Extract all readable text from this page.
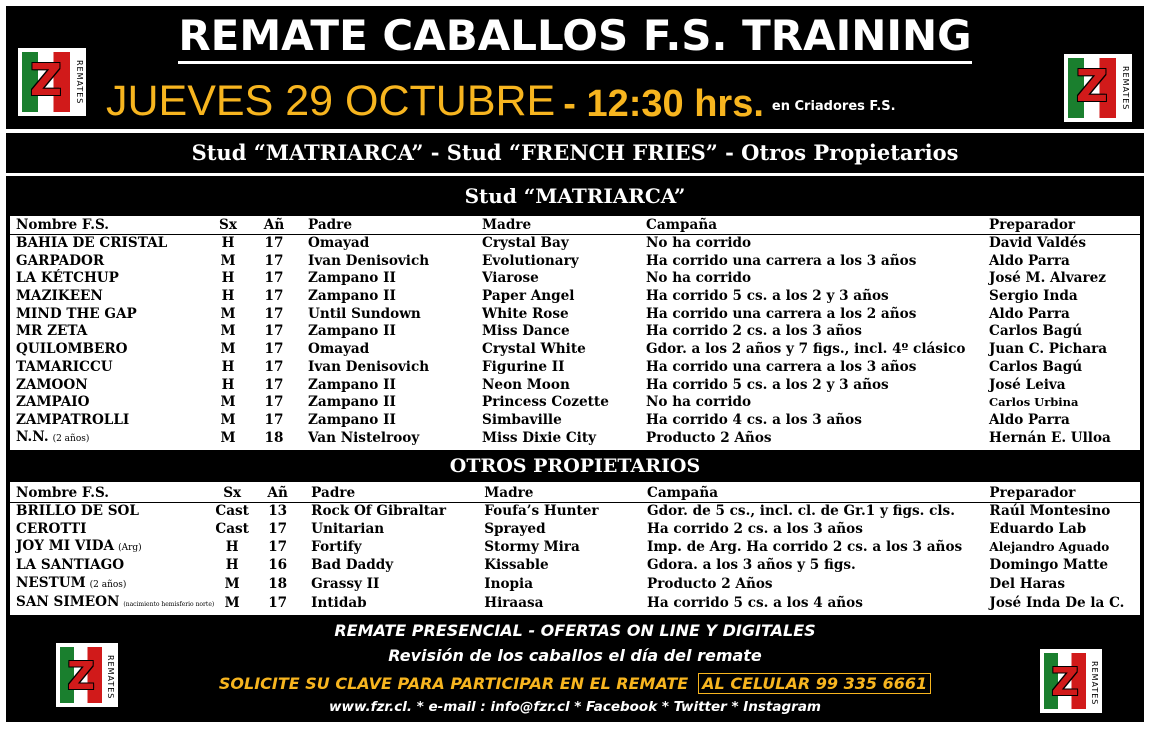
Z	REMATES	Z	REMATES
REMATE CABALLOS F.S. TRAINING
JUEVES 29 OCTUBRE - 12:30 hrs. en Criadores F.S.
Stud “MATRIARCA” - Stud “FRENCH FRIES” - Otros Propietarios
Stud “MATRIARCA”
Nombre F.S.	Sx	Añ	Padre	Madre	Campaña	Preparador
BAHIA DE CRISTAL	H	17	Omayad	Crystal Bay	No ha corrido	David Valdés
GARPADOR	M	17	Ivan Denisovich	Evolutionary	Ha corrido una carrera a los 3 años	Aldo Parra
LA KÉTCHUP	H	17	Zampano II	Viarose	No ha corrido	José M. Alvarez
MAZIKEEN	H	17	Zampano II	Paper Angel	Ha corrido 5 cs. a los 2 y 3 años	Sergio Inda
MIND THE GAP	M	17	Until Sundown	White Rose	Ha corrido una carrera a los 2 años	Aldo Parra
MR ZETA	M	17	Zampano II	Miss Dance	Ha corrido 2 cs. a los 3 años	Carlos Bagú
QUILOMBERO	M	17	Omayad	Crystal White	Gdor. a los 2 años y 7 figs., incl. 4º clásico	Juan C. Pichara
TAMARICCU	H	17	Ivan Denisovich	Figurine II	Ha corrido una carrera a los 3 años	Carlos Bagú
ZAMOON	H	17	Zampano II	Neon Moon	Ha corrido 5 cs. a los 2 y 3 años	José Leiva
ZAMPAIO	M	17	Zampano II	Princess Cozette	No ha corrido	Carlos Urbina
ZAMPATROLLI	M	17	Zampano II	Simbaville	Ha corrido 4 cs. a los 3 años	Aldo Parra
N.N. (2 años)	M	18	Van Nistelrooy	Miss Dixie City	Producto 2 Años	Hernán E. Ulloa
OTROS PROPIETARIOS
Nombre F.S.	Sx	Añ	Padre	Madre	Campaña	Preparador
BRILLO DE SOL	Cast	13	Rock Of Gibraltar	Foufa’s Hunter	Gdor. de 5 cs., incl. cl. de Gr.1 y figs. cls.	Raúl Montesino
CEROTTI	Cast	17	Unitarian	Sprayed	Ha corrido 2 cs. a los 3 años	Eduardo Lab
JOY MI VIDA (Arg)	H	17	Fortify	Stormy Mira	Imp. de Arg. Ha corrido 2 cs. a los 3 años	Alejandro Aguado
LA SANTIAGO	H	16	Bad Daddy	Kissable	Gdora. a los 3 años y 5 figs.	Domingo Matte
NESTUM (2 años)	M	18	Grassy II	Inopia	Producto 2 Años	Del Haras
SAN SIMEON (nacimiento hemisferio norte)	M	17	Intidab	Hiraasa	Ha corrido 5 cs. a los 4 años	José Inda De la C.
Z	REMATES	Z	REMATES
REMATE PRESENCIAL - OFERTAS ON LINE Y DIGITALES
Revisión de los caballos el día del remate
SOLICITE SU CLAVE PARA PARTICIPAR EN EL REMATE AL CELULAR 99 335 6661
www.fzr.cl. * e-mail : info@fzr.cl * Facebook * Twitter * Instagram
